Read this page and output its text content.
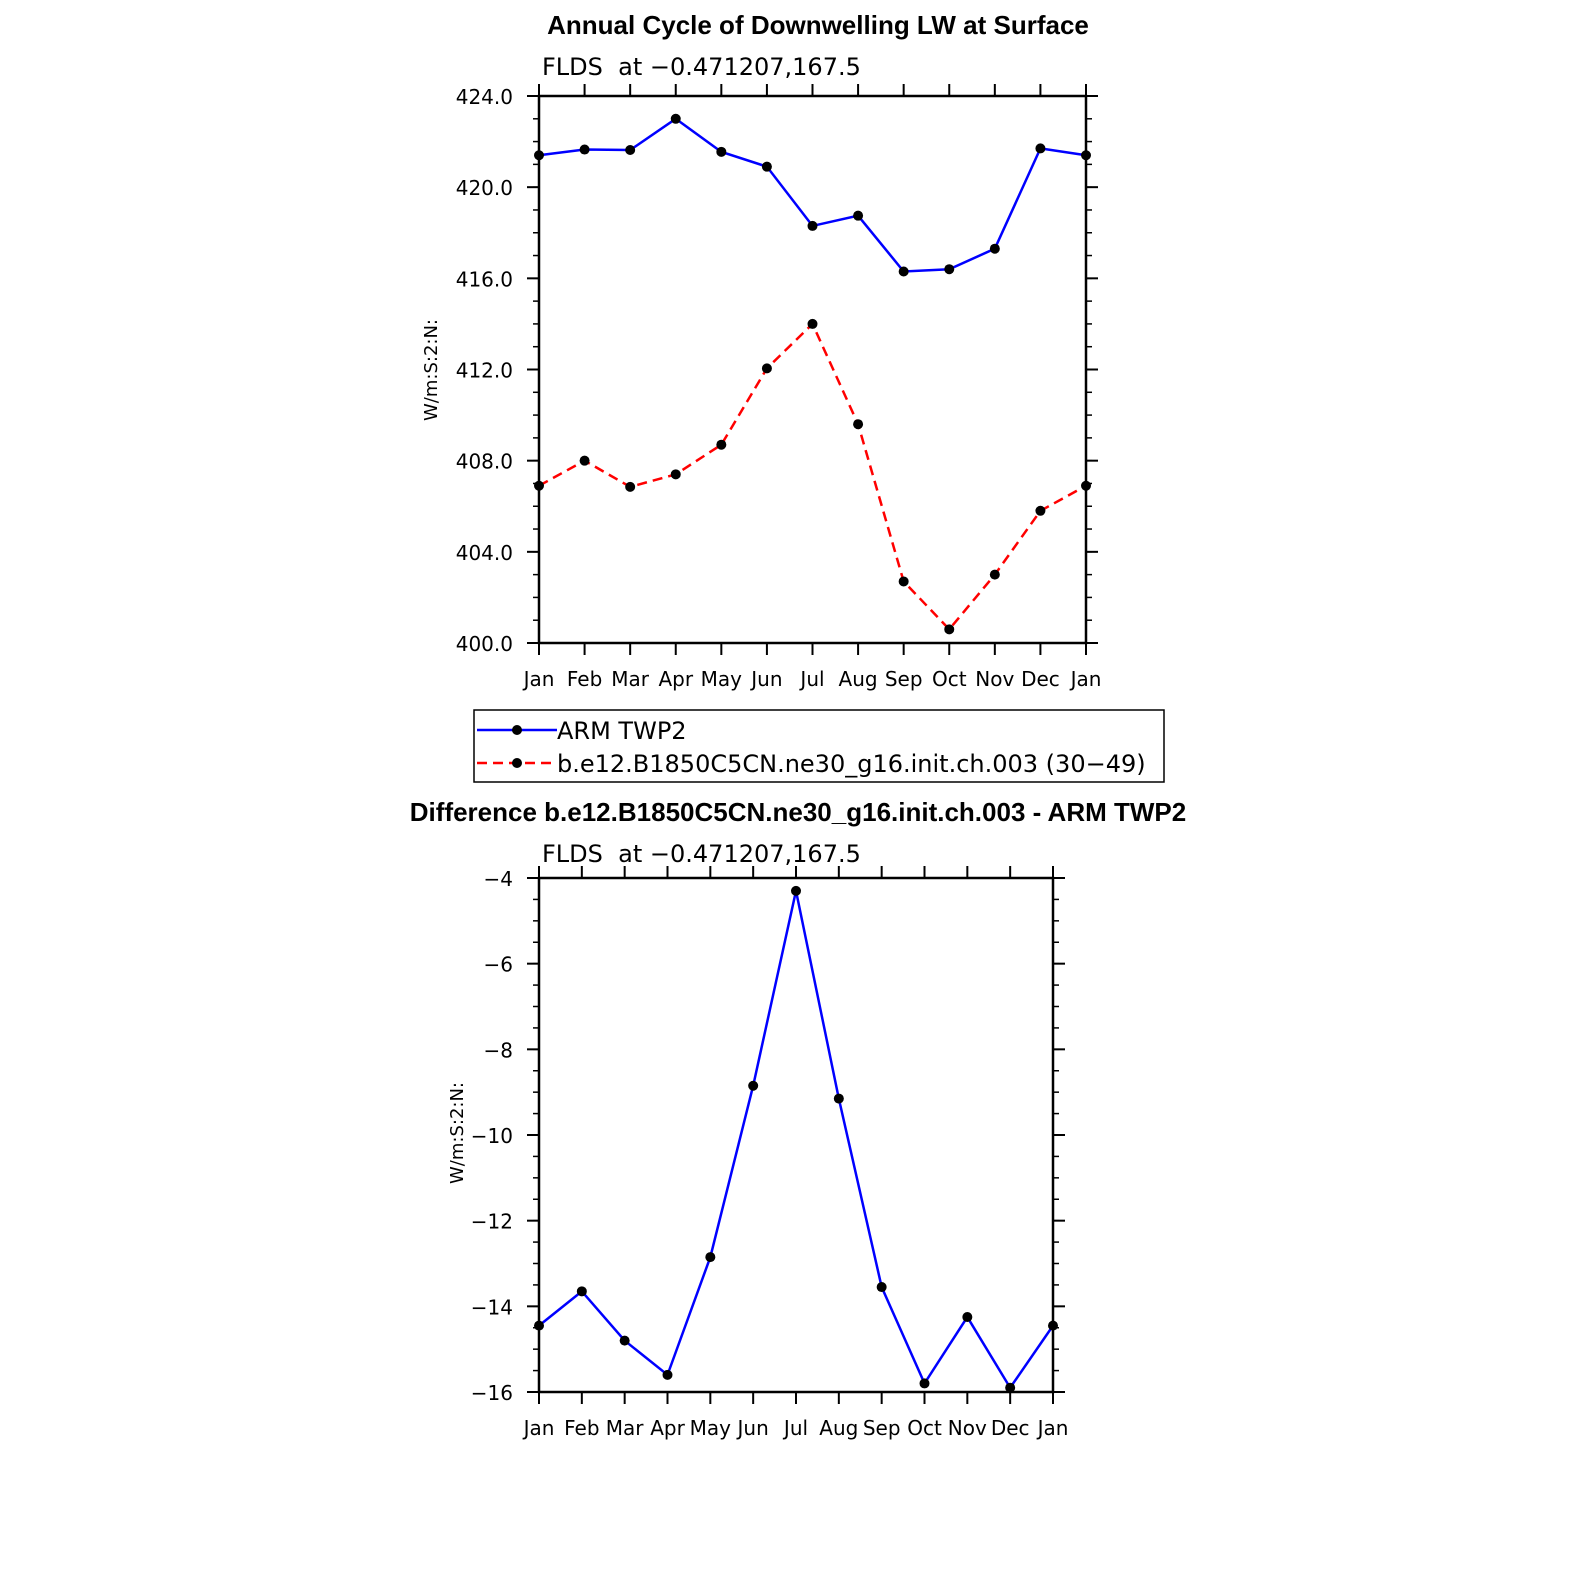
Annual Cycle of Downwelling LW at Surface
FLDS  at −0.471207,167.5
W/m:S:2:N:
Jan Feb Mar Apr May Jun Jul Aug Sep Oct Nov Dec Jan
400.0
404.0
408.0
412.0
416.0
420.0
424.0
ARM TWP2
b.e12.B1850C5CN.ne30_g16.init.ch.003 (30−49)
Difference b.e12.B1850C5CN.ne30_g16.init.ch.003 - ARM TWP2
FLDS  at −0.471207,167.5
W/m:S:2:N:
Jan Feb Mar Apr May Jun Jul Aug Sep Oct Nov Dec Jan
−16
−14
−12
−10
−8
−6
−4
